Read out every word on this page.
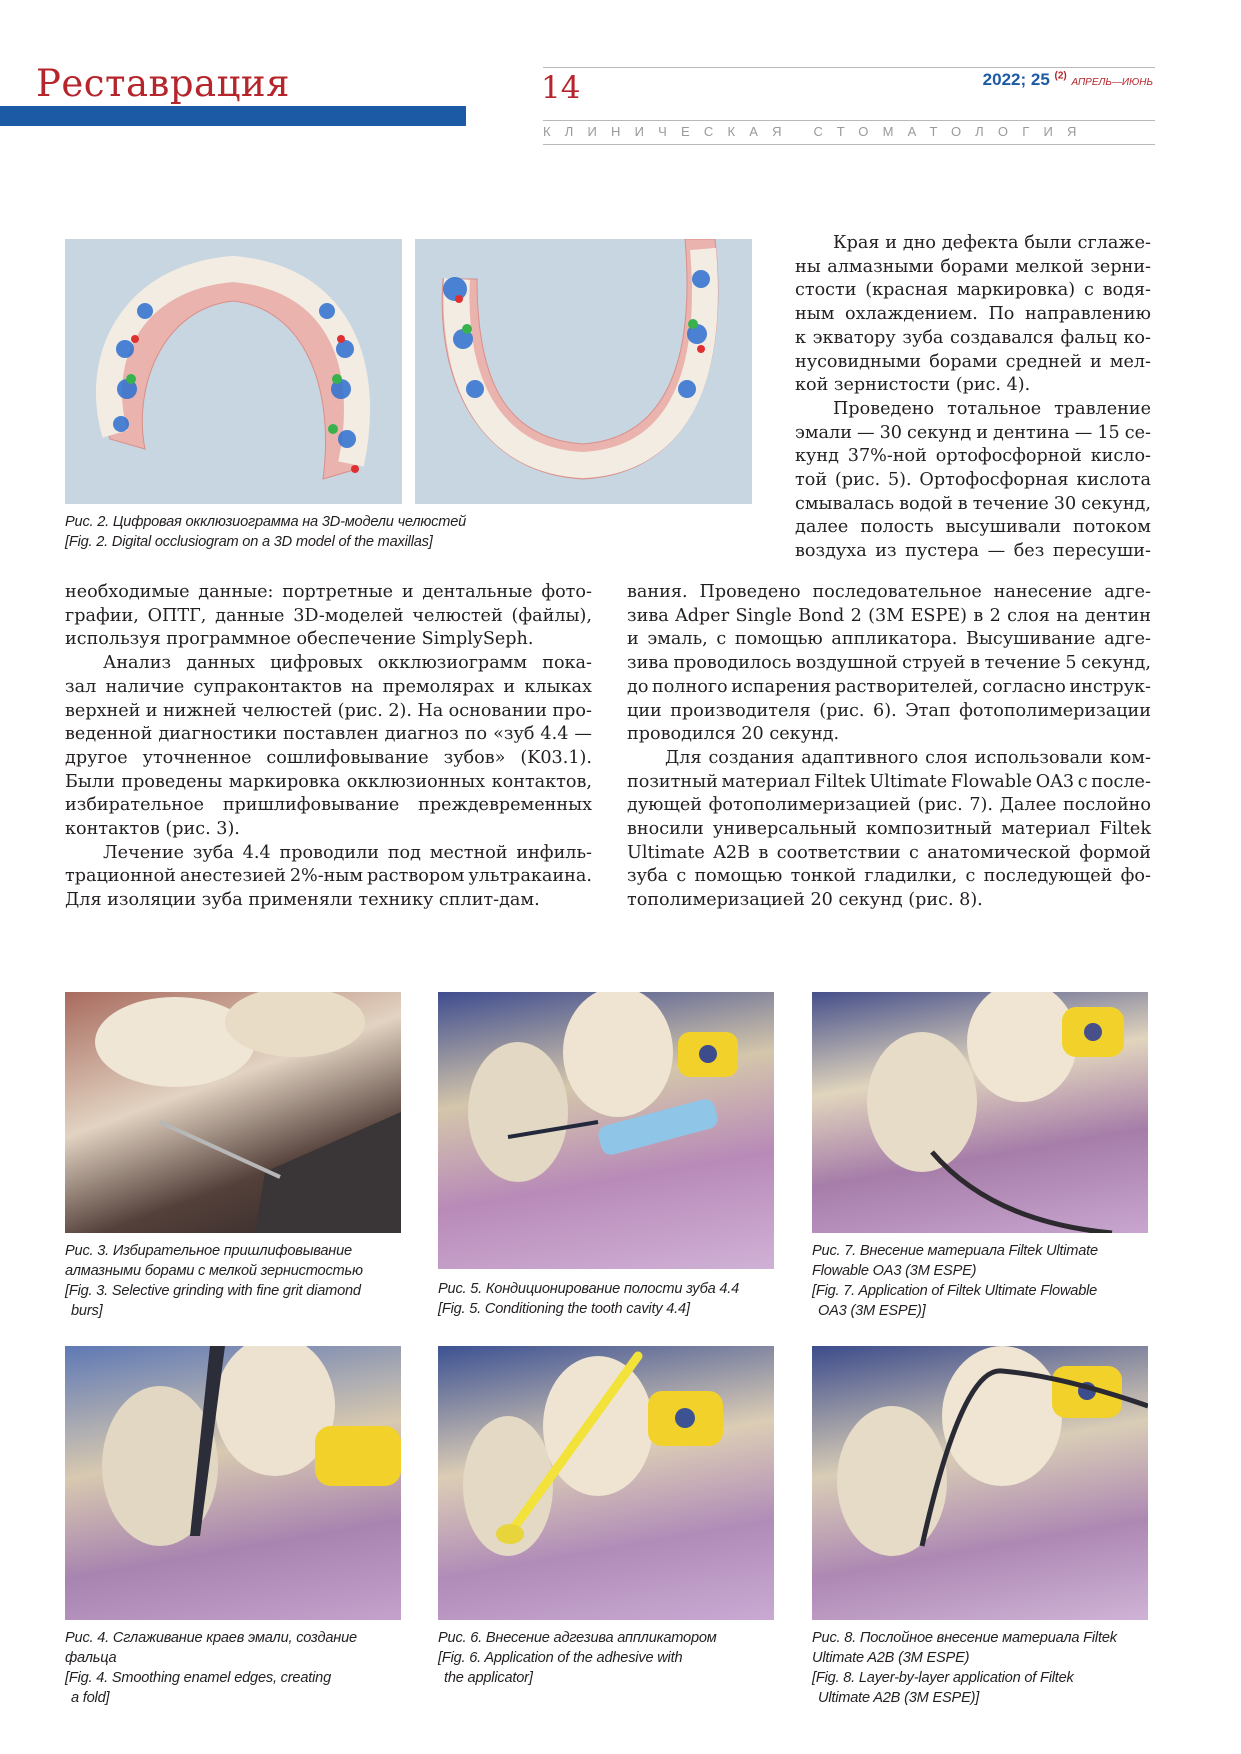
Реставрация	14	2022; 25 $^{(2)}$ АПРЕЛЬ—ИЮНЬ
КЛИНИЧЕСКАЯ СТОМАТОЛОГИЯ
Рис. 2. Цифровая окклюзиограмма на 3D-модели челюстей
[Fig. 2. Digital occlusiogram on a 3D model of the maxillas]
Края и дно дефекта были сглаже-
ны алмазными борами мелкой зерни-
стости (красная маркировка) с водя-
ным охлаждением. По направлению
к экватору зуба создавался фальц ко-
нусовидными борами средней и мел-
кой зернистости (рис. 4).
Проведено тотальное травление
эмали — 30 секунд и дентина — 15 се-
кунд 37%-ной ортофосфорной кисло-
той (рис. 5). Ортофосфорная кислота
смывалась водой в течение 30 секунд,
далее полость высушивали потоком
воздуха из пустера — без пересуши-
необходимые данные: портретные и дентальные фото-
графии, ОПТГ, данные 3D-моделей челюстей (файлы),
используя программное обеспечение SimplySeph.
Анализ данных цифровых окклюзиограмм пока-
зал наличие супраконтактов на премолярах и клыках
верхней и нижней челюстей (рис. 2). На основании про-
веденной диагностики поставлен диагноз по «зуб 4.4 —
другое уточненное сошлифовывание зубов» (K03.1).
Были проведены маркировка окклюзионных контактов,
избирательное пришлифовывание преждевременных
контактов (рис. 3).
Лечение зуба 4.4 проводили под местной инфиль-
трационной анестезией 2%-ным раствором ультракаина.
Для изоляции зуба применяли технику сплит-дам.
вания. Проведено последовательное нанесение адге-
зива Adper Single Bond 2 (3M ESPE) в 2 слоя на дентин
и эмаль, с помощью аппликатора. Высушивание адге-
зива проводилось воздушной струей в течение 5 секунд,
до полного испарения растворителей, согласно инструк-
ции производителя (рис. 6). Этап фотополимеризации
проводился 20 секунд.
Для создания адаптивного слоя использовали ком-
позитный материал Filtek Ultimate Flowable OA3 с после-
дующей фотополимеризацией (рис. 7). Далее послойно
вносили универсальный композитный материал Filtek
Ultimate A2B в соответствии с анатомической формой
зуба с помощью тонкой гладилки, с последующей фо-
тополимеризацией 20 секунд (рис. 8).
Рис. 3. Избирательное пришлифовывание
алмазными борами с мелкой зернистостью
[Fig. 3. Selective grinding with fine grit diamond
burs]
Рис. 5. Кондиционирование полости зуба 4.4
[Fig. 5. Conditioning the tooth cavity 4.4]
Рис. 7. Внесение материала Filtek Ultimate
Flowable OA3 (3M ESPE)
[Fig. 7. Application of Filtek Ultimate Flowable
OA3 (3M ESPE)]
Рис. 4. Сглаживание краев эмали, создание
фальца
[Fig. 4. Smoothing enamel edges, creating
a fold]
Рис. 6. Внесение адгезива аппликатором
[Fig. 6. Application of the adhesive with
the applicator]
Рис. 8. Послойное внесение материала Filtek
Ultimate A2B (3M ESPE)
[Fig. 8. Layer-by-layer application of Filtek
Ultimate A2B (3M ESPE)]
